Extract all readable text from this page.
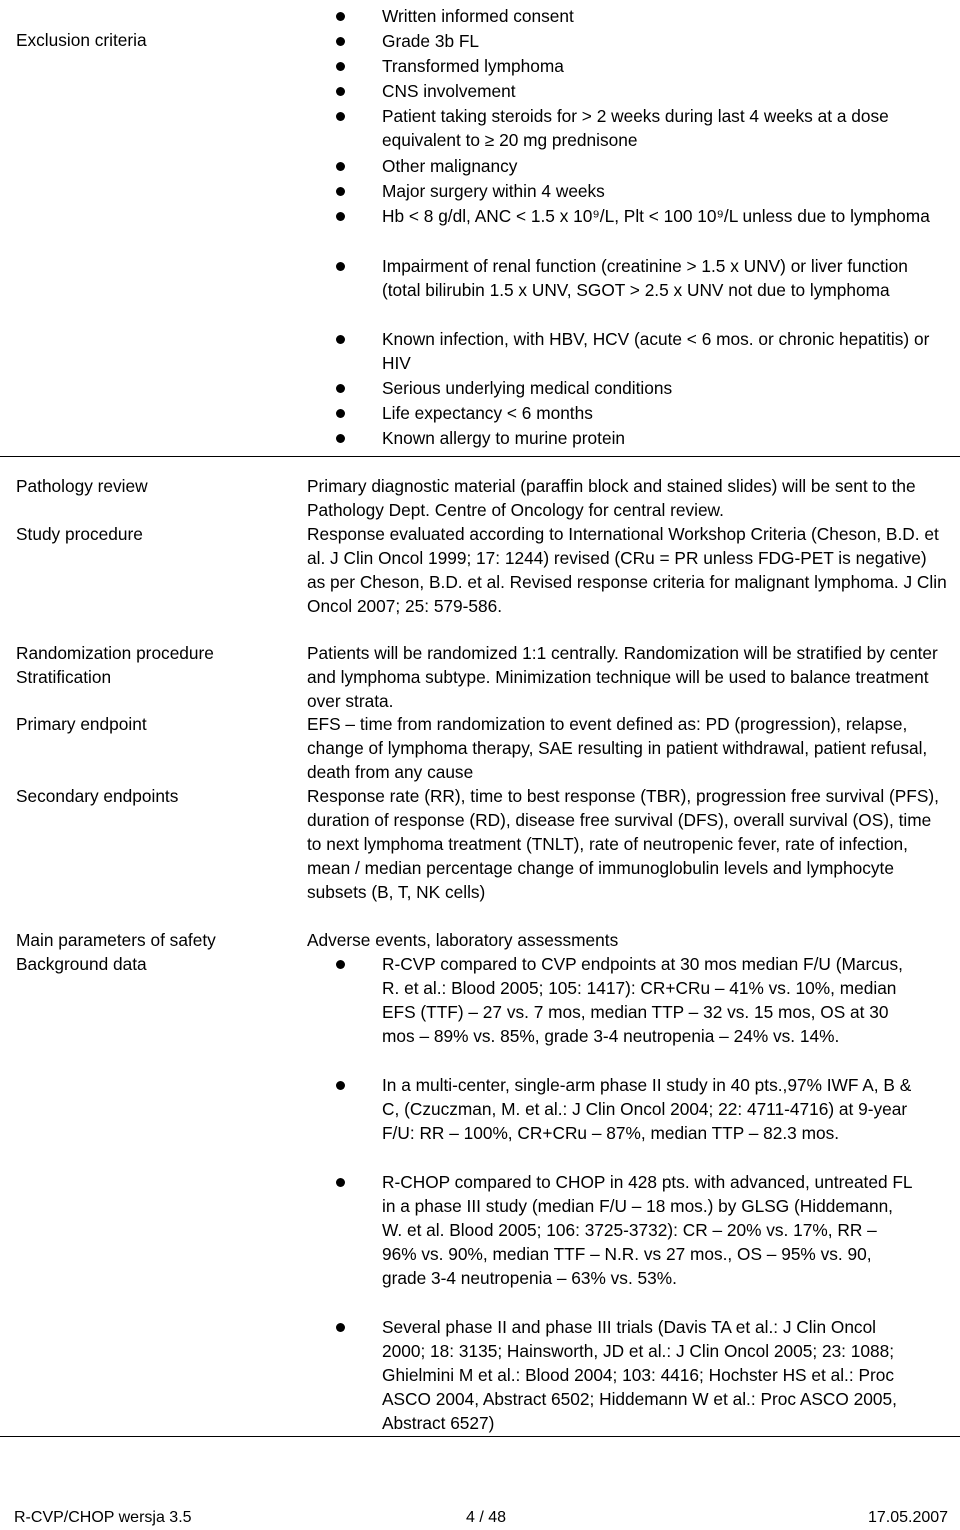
Exclusion criteria
Pathology review
Study procedure
Randomization procedure
Stratification
Primary endpoint
Secondary endpoints
Main parameters of safety
Background data
Written informed consent
Grade 3b FL
Transformed lymphoma
CNS involvement
Patient taking steroids for > 2 weeks during last 4 weeks at a dose equivalent to ≥ 20 mg prednisone
Other malignancy
Major surgery within 4 weeks
Hb < 8 g/dl, ANC < 1.5 x 10⁹/L, Plt < 100 10⁹/L unless due to lymphoma
Impairment of renal function (creatinine > 1.5 x UNV) or liver function (total bilirubin 1.5 x UNV, SGOT > 2.5 x UNV not due to lymphoma
Known infection, with HBV, HCV (acute < 6 mos. or chronic hepatitis) or HIV
Serious underlying medical conditions
Life expectancy < 6 months
Known allergy to murine protein
Primary diagnostic material (paraffin block and stained slides) will be sent to the Pathology Dept. Centre of Oncology for central review.
Response evaluated according to International Workshop Criteria (Cheson, B.D. et al. J Clin Oncol 1999; 17: 1244) revised (CRu = PR unless FDG-PET is negative) as per Cheson, B.D. et al. Revised response criteria for malignant lymphoma. J Clin Oncol 2007; 25: 579-586.
Patients will be randomized 1:1 centrally. Randomization will be stratified by center and lymphoma subtype. Minimization technique will be used to balance treatment over strata.
EFS – time from randomization to event defined as: PD (progression), relapse, change of lymphoma therapy, SAE resulting in patient withdrawal, patient refusal, death from any cause
Response rate (RR), time to best response (TBR), progression free survival (PFS), duration of response (RD), disease free survival (DFS), overall survival (OS), time to next lymphoma treatment (TNLT), rate of neutropenic fever, rate of infection, mean / median percentage change of immunoglobulin levels and lymphocyte subsets (B, T, NK cells)
Adverse events, laboratory assessments
R-CVP compared to CVP endpoints at 30 mos median F/U (Marcus, R. et al.: Blood 2005; 105: 1417): CR+CRu – 41% vs. 10%, median EFS (TTF) – 27 vs. 7 mos, median TTP – 32 vs. 15 mos, OS at 30 mos – 89% vs. 85%, grade 3-4 neutropenia – 24% vs. 14%.
In a multi-center, single-arm phase II study in 40 pts.,97% IWF A, B & C, (Czuczman, M. et al.: J Clin Oncol 2004; 22: 4711-4716) at 9-year F/U: RR – 100%, CR+CRu – 87%, median TTP – 82.3 mos.
R-CHOP compared to CHOP in 428 pts. with advanced, untreated FL in a phase III study (median F/U – 18 mos.) by GLSG (Hiddemann, W. et al. Blood 2005; 106: 3725-3732): CR – 20% vs. 17%, RR – 96% vs. 90%, median TTF – N.R. vs 27 mos., OS – 95% vs. 90, grade 3-4 neutropenia – 63% vs. 53%.
Several phase II and phase III trials (Davis TA et al.: J Clin Oncol 2000; 18: 3135; Hainsworth, JD et al.: J Clin Oncol 2005; 23: 1088; Ghielmini M et al.: Blood 2004; 103: 4416; Hochster HS et al.: Proc ASCO 2004, Abstract 6502; Hiddemann W et al.: Proc ASCO 2005, Abstract 6527)
R-CVP/CHOP wersja 3.5	4 / 48	17.05.2007
